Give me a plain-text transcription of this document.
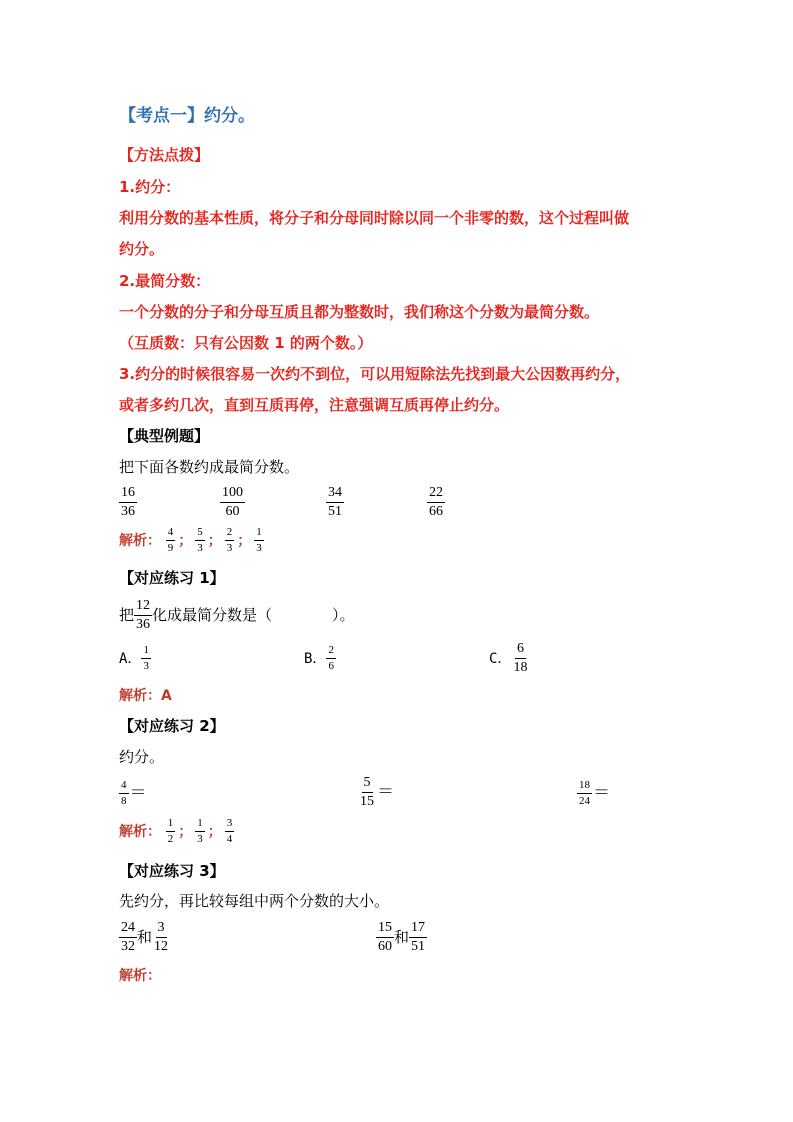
【考点一】约分。
【方法点拨】
1.约分：
利用分数的基本性质，将分子和分母同时除以同一个非零的数，这个过程叫做
约分。
2.最简分数：
一个分数的分子和分母互质且都为整数时，我们称这个分数为最简分数。
（互质数：只有公因数 1 的两个数。）
3.约分的时候很容易一次约不到位，可以用短除法先找到最大公因数再约分，
或者多约几次，直到互质再停，注意强调互质再停止约分。
【典型例题】
把下面各数约成最简分数。
$\frac{16}{36}$	$\frac{100}{60}$	$\frac{34}{51}$	$\frac{22}{66}$
解析： $\frac{4}{9}$ ； $\frac{5}{3}$ ； $\frac{2}{3}$ ； $\frac{1}{3}$
【对应练习 1】
把 $\frac{12}{36}$ 化成最简分数是（　　　　）。
A． $\frac{1}{3}$	B． $\frac{2}{6}$	C． $\frac{6}{18}$
解析：A
【对应练习 2】
约分。
$\frac{4}{8}$ ＝	$\frac{5}{15}$ ＝	$\frac{18}{24}$ ＝
解析： $\frac{1}{2}$ ； $\frac{1}{3}$ ； $\frac{3}{4}$
【对应练习 3】
先约分，再比较每组中两个分数的大小。
$\frac{24}{32}$ 和 $\frac{3}{12}$	$\frac{15}{60}$ 和 $\frac{17}{51}$
解析：
